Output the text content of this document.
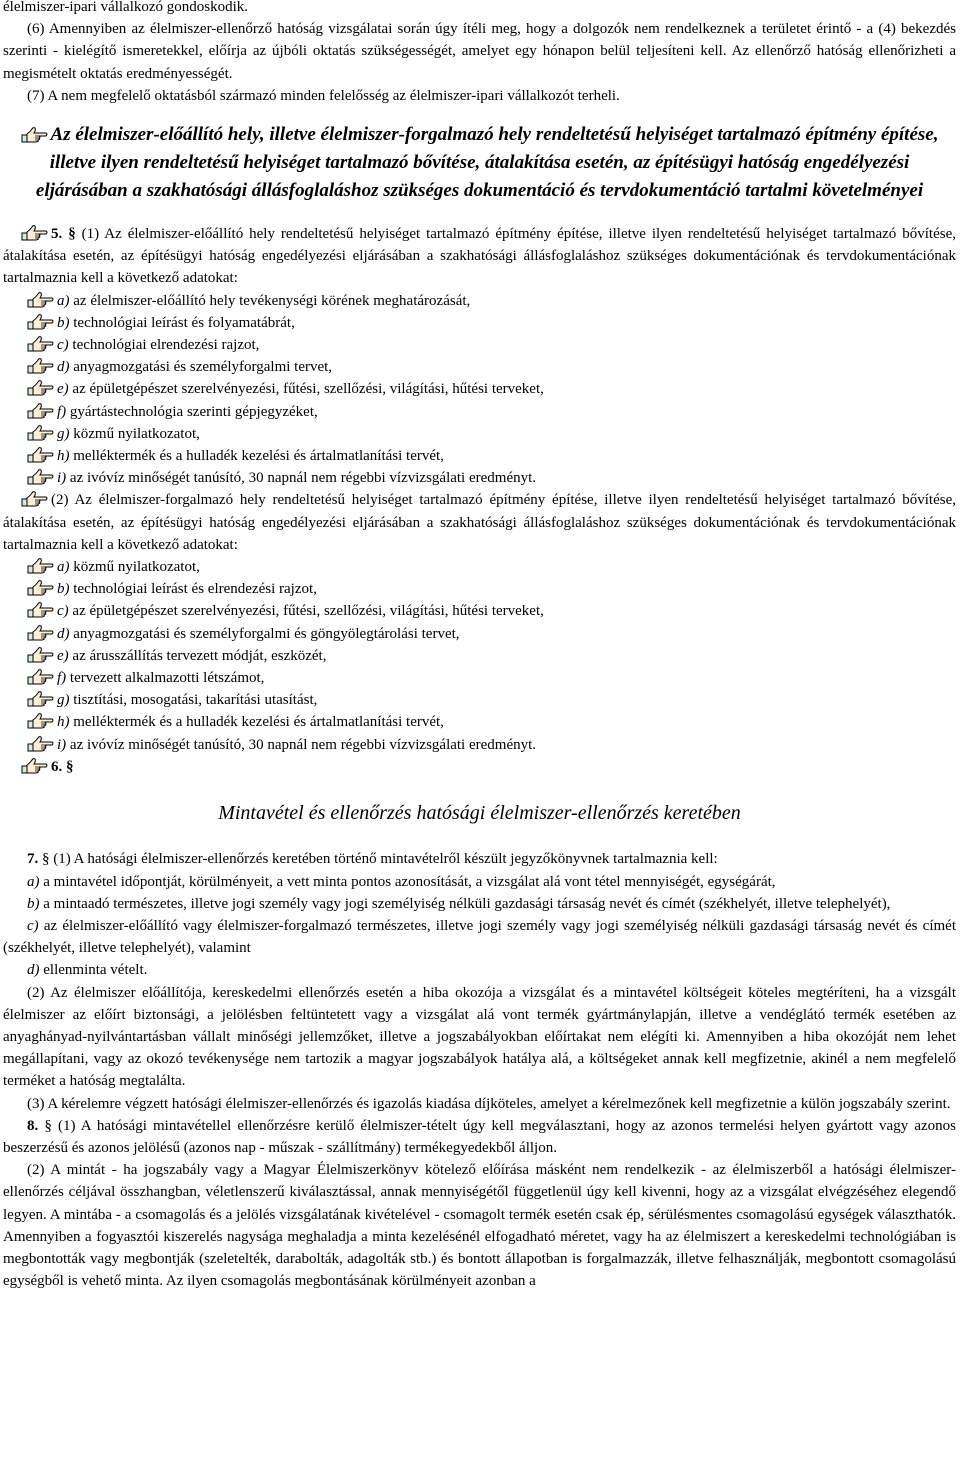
élelmiszer-ipari vállalkozó gondoskodik.

(6) Amennyiben az élelmiszer-ellenőrző hatóság vizsgálatai során úgy ítéli meg, hogy a dolgozók nem rendelkeznek a területet érintő - a (4) bekezdés szerinti - kielégítő ismeretekkel, előírja az újbóli oktatás szükségességét, amelyet egy hónapon belül teljesíteni kell. Az ellenőrző hatóság ellenőrizheti a megismételt oktatás eredményességét.

(7) A nem megfelelő oktatásból származó minden felelősség az élelmiszer-ipari vállalkozót terheli.

Az élelmiszer-előállító hely, illetve élelmiszer-forgalmazó hely rendeltetésű helyiséget tartalmazó építmény építése, illetve ilyen rendeltetésű helyiséget tartalmazó bővítése, átalakítása esetén, az építésügyi hatóság engedélyezési eljárásában a szakhatósági állásfoglaláshoz szükséges dokumentáció és tervdokumentáció tartalmi követelményei

5. § (1) Az élelmiszer-előállító hely rendeltetésű helyiséget tartalmazó építmény építése, illetve ilyen rendeltetésű helyiséget tartalmazó bővítése, átalakítása esetén, az építésügyi hatóság engedélyezési eljárásában a szakhatósági állásfoglaláshoz szükséges dokumentációnak és tervdokumentációnak tartalmaznia kell a következő adatokat:

a) az élelmiszer-előállító hely tevékenységi körének meghatározását,

b) technológiai leírást és folyamatábrát,

c) technológiai elrendezési rajzot,

d) anyagmozgatási és személyforgalmi tervet,

e) az épületgépészet szerelvényezési, fűtési, szellőzési, világítási, hűtési terveket,

f) gyártástechnológia szerinti gépjegyzéket,

g) közmű nyilatkozatot,

h) melléktermék és a hulladék kezelési és ártalmatlanítási tervét,

i) az ivóvíz minőségét tanúsító, 30 napnál nem régebbi vízvizsgálati eredményt.

(2) Az élelmiszer-forgalmazó hely rendeltetésű helyiséget tartalmazó építmény építése, illetve ilyen rendeltetésű helyiséget tartalmazó bővítése, átalakítása esetén, az építésügyi hatóság engedélyezési eljárásában a szakhatósági állásfoglaláshoz szükséges dokumentációnak és tervdokumentációnak tartalmaznia kell a következő adatokat:

a) közmű nyilatkozatot,

b) technológiai leírást és elrendezési rajzot,

c) az épületgépészet szerelvényezési, fűtési, szellőzési, világítási, hűtési terveket,

d) anyagmozgatási és személyforgalmi és göngyölegtárolási tervet,

e) az árusszállítás tervezett módját, eszközét,

f) tervezett alkalmazotti létszámot,

g) tisztítási, mosogatási, takarítási utasítást,

h) melléktermék és a hulladék kezelési és ártalmatlanítási tervét,

i) az ivóvíz minőségét tanúsító, 30 napnál nem régebbi vízvizsgálati eredményt.

6. §

Mintavétel és ellenőrzés hatósági élelmiszer-ellenőrzés keretében

7. § (1) A hatósági élelmiszer-ellenőrzés keretében történő mintavételről készült jegyzőkönyvnek tartalmaznia kell:

a) a mintavétel időpontját, körülményeit, a vett minta pontos azonosítását, a vizsgálat alá vont tétel mennyiségét, egységárát,

b) a mintaadó természetes, illetve jogi személy vagy jogi személyiség nélküli gazdasági társaság nevét és címét (székhelyét, illetve telephelyét),

c) az élelmiszer-előállító vagy élelmiszer-forgalmazó természetes, illetve jogi személy vagy jogi személyiség nélküli gazdasági társaság nevét és címét (székhelyét, illetve telephelyét), valamint

d) ellenminta vételt.

(2) Az élelmiszer előállítója, kereskedelmi ellenőrzés esetén a hiba okozója a vizsgálat és a mintavétel költségeit köteles megtéríteni, ha a vizsgált élelmiszer az előírt biztonsági, a jelölésben feltüntetett vagy a vizsgálat alá vont termék gyártmánylapján, illetve a vendéglátó termék esetében az anyaghányad-nyilvántartásban vállalt minőségi jellemzőket, illetve a jogszabályokban előírtakat nem elégíti ki. Amennyiben a hiba okozóját nem lehet megállapítani, vagy az okozó tevékenysége nem tartozik a magyar jogszabályok hatálya alá, a költségeket annak kell megfizetnie, akinél a nem megfelelő terméket a hatóság megtalálta.

(3) A kérelemre végzett hatósági élelmiszer-ellenőrzés és igazolás kiadása díjköteles, amelyet a kérelmezőnek kell megfizetnie a külön jogszabály szerint.

8. § (1) A hatósági mintavétellel ellenőrzésre kerülő élelmiszer-tételt úgy kell megválasztani, hogy az azonos termelési helyen gyártott vagy azonos beszerzésű és azonos jelölésű (azonos nap - műszak - szállítmány) termékegyedekből álljon.

(2) A mintát - ha jogszabály vagy a Magyar Élelmiszerkönyv kötelező előírása másként nem rendelkezik - az élelmiszerből a hatósági élelmiszer-ellenőrzés céljával összhangban, véletlenszerű kiválasztással, annak mennyiségétől függetlenül úgy kell kivenni, hogy az a vizsgálat elvégzéséhez elegendő legyen. A mintába - a csomagolás és a jelölés vizsgálatának kivételével - csomagolt termék esetén csak ép, sérülésmentes csomagolású egységek választhatók. Amennyiben a fogyasztói kiszerelés nagysága meghaladja a minta kezelésénél elfogadható méretet, vagy ha az élelmiszert a kereskedelmi technológiában is megbontották vagy megbontják (szeletelték, darabolták, adagolták stb.) és bontott állapotban is forgalmazzák, illetve felhasználják, megbontott csomagolású egységből is vehető minta. Az ilyen csomagolás megbontásának körülményeit azonban a
